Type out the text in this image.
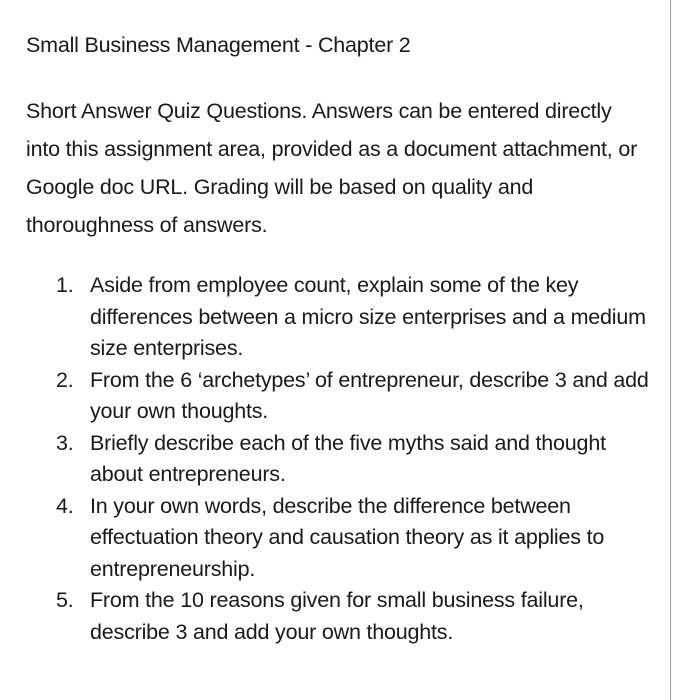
Small Business Management - Chapter 2

Short Answer Quiz Questions. Answers can be entered directly into this assignment area, provided as a document attachment, or Google doc URL. Grading will be based on quality and thoroughness of answers.

1. Aside from employee count, explain some of the key differences between a micro size enterprises and a medium size enterprises.
2. From the 6 ‘archetypes’ of entrepreneur, describe 3 and add your own thoughts.
3. Briefly describe each of the five myths said and thought about entrepreneurs.
4. In your own words, describe the difference between effectuation theory and causation theory as it applies to entrepreneurship.
5. From the 10 reasons given for small business failure, describe 3 and add your own thoughts.
